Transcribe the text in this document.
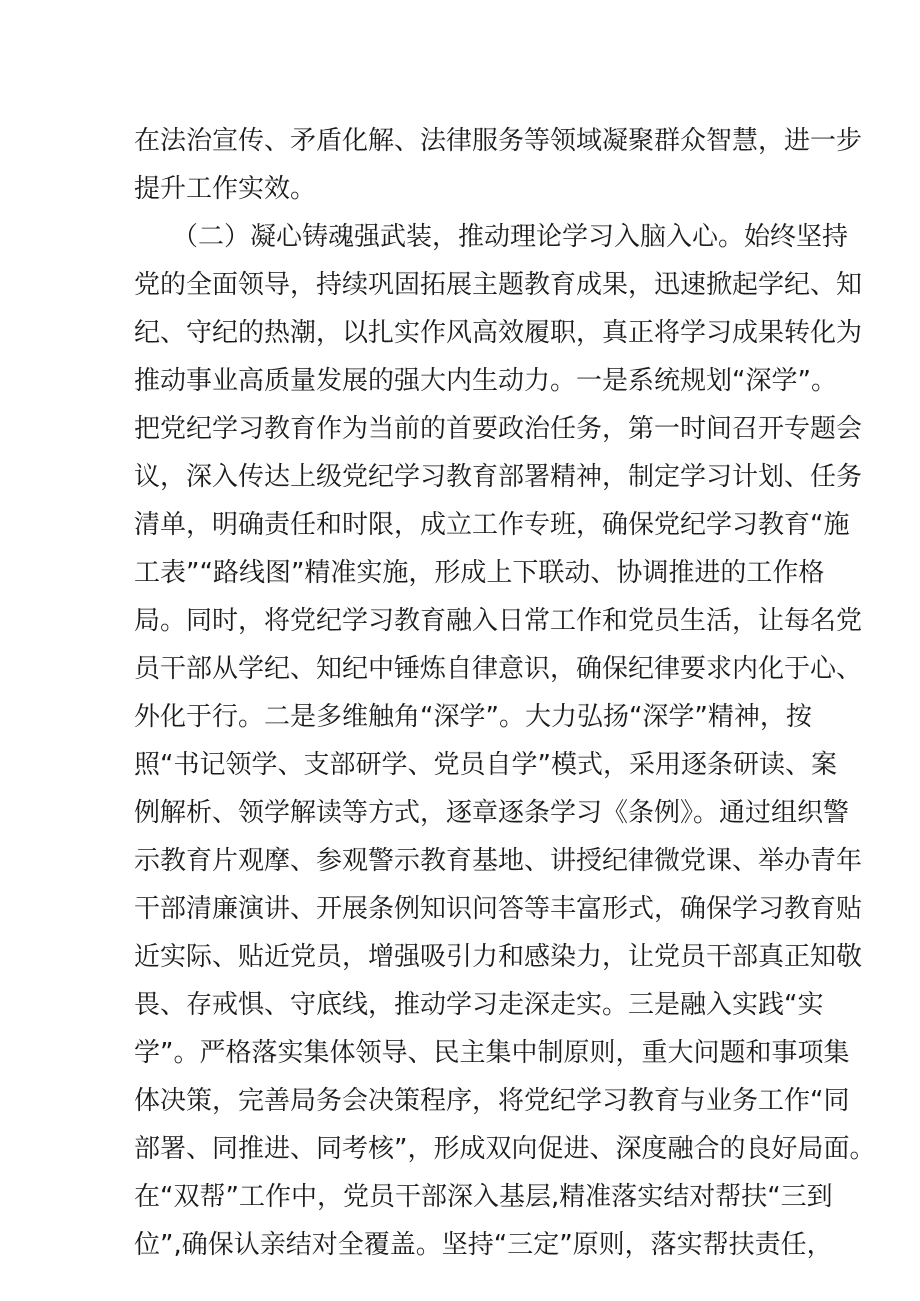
在法治宣传、矛盾化解、法律服务等领域凝聚群众智慧，进一步

提升工作实效。

（二）凝心铸魂强武装，推动理论学习入脑入心。始终坚持

党的全面领导，持续巩固拓展主题教育成果，迅速掀起学纪、知

纪、守纪的热潮，以扎实作风高效履职，真正将学习成果转化为

推动事业高质量发展的强大内生动力。一是系统规划“深学”。

把党纪学习教育作为当前的首要政治任务，第一时间召开专题会

议，深入传达上级党纪学习教育部署精神，制定学习计划、任务

清单，明确责任和时限，成立工作专班，确保党纪学习教育“施

工表”“路线图”精准实施，形成上下联动、协调推进的工作格

局。同时，将党纪学习教育融入日常工作和党员生活，让每名党

员干部从学纪、知纪中锤炼自律意识，确保纪律要求内化于心、

外化于行。二是多维触角“深学”。大力弘扬“深学”精神，按

照“书记领学、支部研学、党员自学”模式，采用逐条研读、案

例解析、领学解读等方式，逐章逐条学习《条例》。通过组织警

示教育片观摩、参观警示教育基地、讲授纪律微党课、举办青年

干部清廉演讲、开展条例知识问答等丰富形式，确保学习教育贴

近实际、贴近党员，增强吸引力和感染力，让党员干部真正知敬

畏、存戒惧、守底线，推动学习走深走实。三是融入实践“实

学”。严格落实集体领导、民主集中制原则，重大问题和事项集

体决策，完善局务会决策程序，将党纪学习教育与业务工作“同

部署、同推进、同考核”，形成双向促进、深度融合的良好局面。

在“双帮”工作中，党员干部深入基层,精准落实结对帮扶“三到

位”,确保认亲结对全覆盖。坚持“三定”原则，落实帮扶责任，
